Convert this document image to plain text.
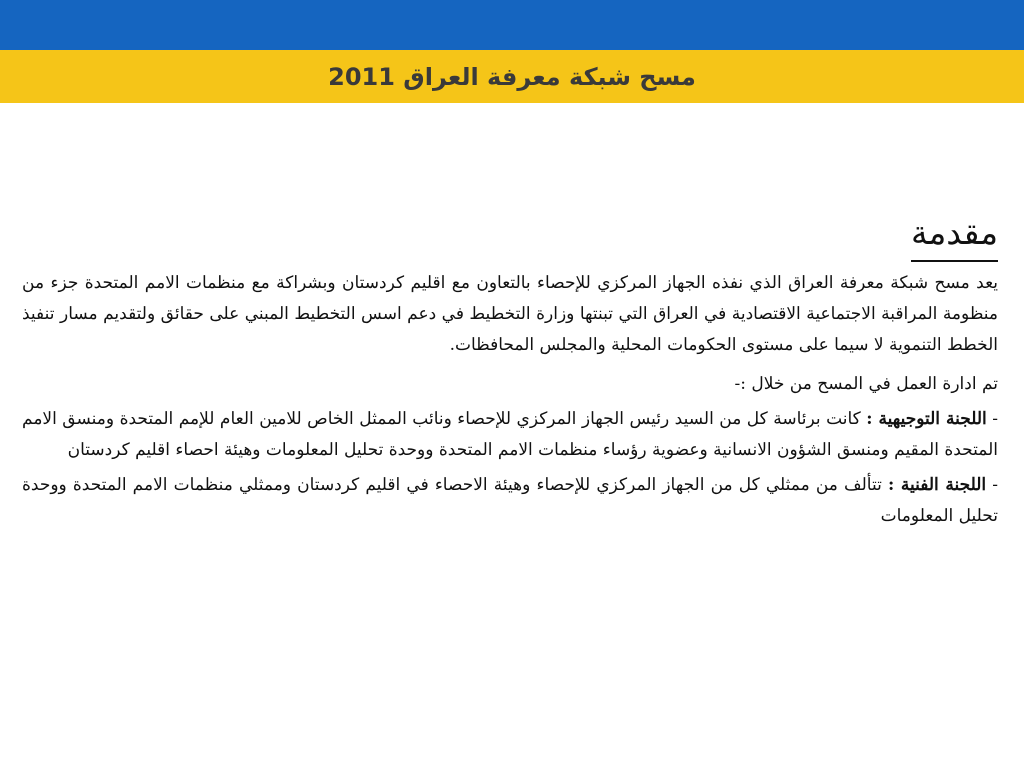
مسح شبكة معرفة العراق 2011
مقدمة

يعد مسح شبكة معرفة العراق الذي نفذه الجهاز المركزي للإحصاء بالتعاون مع اقليم كردستان وبشراكة مع منظمات الامم المتحدة جزء من منظومة المراقبة الاجتماعية الاقتصادية في العراق التي تبنتها وزارة التخطيط في دعم اسس التخطيط المبني على حقائق ولتقديم مسار تنفيذ الخطط التنموية لا سيما على مستوى الحكومات المحلية والمجلس المحافظات.

تم ادارة العمل في المسح من خلال :-

- اللجنة التوجيهية : كانت برئاسة كل من السيد رئيس الجهاز المركزي للإحصاء ونائب الممثل الخاص للامين العام للإمم المتحدة ومنسق الامم المتحدة المقيم ومنسق الشؤون الانسانية وعضوية رؤساء منظمات الامم المتحدة ووحدة تحليل المعلومات وهيئة احصاء اقليم كردستان

- اللجنة الفنية : تتألف من ممثلي كل من الجهاز المركزي للإحصاء وهيئة الاحصاء في اقليم كردستان وممثلي منظمات الامم المتحدة ووحدة تحليل المعلومات
